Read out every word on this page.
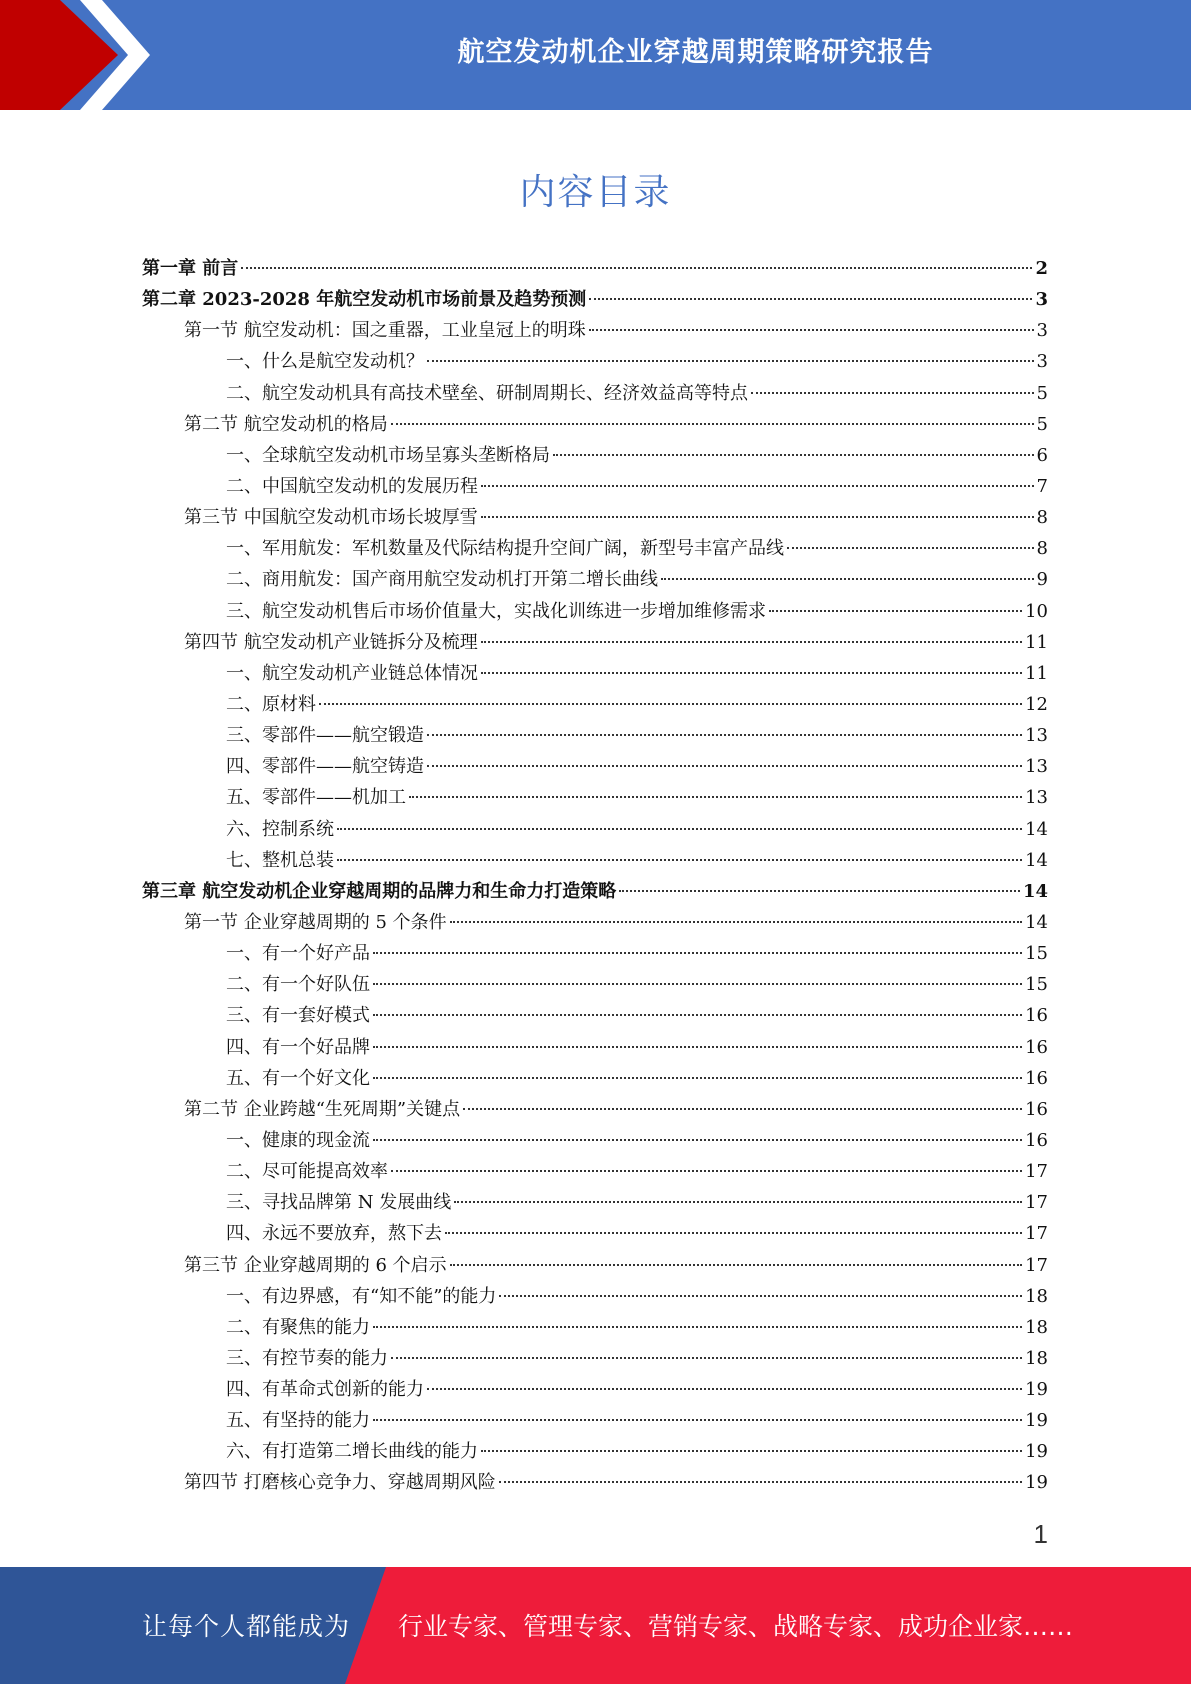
航空发动机企业穿越周期策略研究报告
内容目录
第一章 前言	2
第二章 2023-2028 年航空发动机市场前景及趋势预测	3
第一节 航空发动机：国之重器，工业皇冠上的明珠	3
一、什么是航空发动机？	3
二、航空发动机具有高技术壁垒、研制周期长、经济效益高等特点	5
第二节 航空发动机的格局	5
一、全球航空发动机市场呈寡头垄断格局	6
二、中国航空发动机的发展历程	7
第三节 中国航空发动机市场长坡厚雪	8
一、军用航发：军机数量及代际结构提升空间广阔，新型号丰富产品线	8
二、商用航发：国产商用航空发动机打开第二增长曲线	9
三、航空发动机售后市场价值量大，实战化训练进一步增加维修需求	10
第四节 航空发动机产业链拆分及梳理	11
一、航空发动机产业链总体情况	11
二、原材料	12
三、零部件——航空锻造	13
四、零部件——航空铸造	13
五、零部件——机加工	13
六、控制系统	14
七、整机总装	14
第三章 航空发动机企业穿越周期的品牌力和生命力打造策略	14
第一节 企业穿越周期的 5 个条件	14
一、有一个好产品	15
二、有一个好队伍	15
三、有一套好模式	16
四、有一个好品牌	16
五、有一个好文化	16
第二节 企业跨越“生死周期”关键点	16
一、健康的现金流	16
二、尽可能提高效率	17
三、寻找品牌第 N 发展曲线	17
四、永远不要放弃，熬下去	17
第三节 企业穿越周期的 6 个启示	17
一、有边界感，有“知不能”的能力	18
二、有聚焦的能力	18
三、有控节奏的能力	18
四、有革命式创新的能力	19
五、有坚持的能力	19
六、有打造第二增长曲线的能力	19
第四节 打磨核心竞争力、穿越周期风险	19
1
让每个人都能成为 行业专家、管理专家、营销专家、战略专家、成功企业家……
